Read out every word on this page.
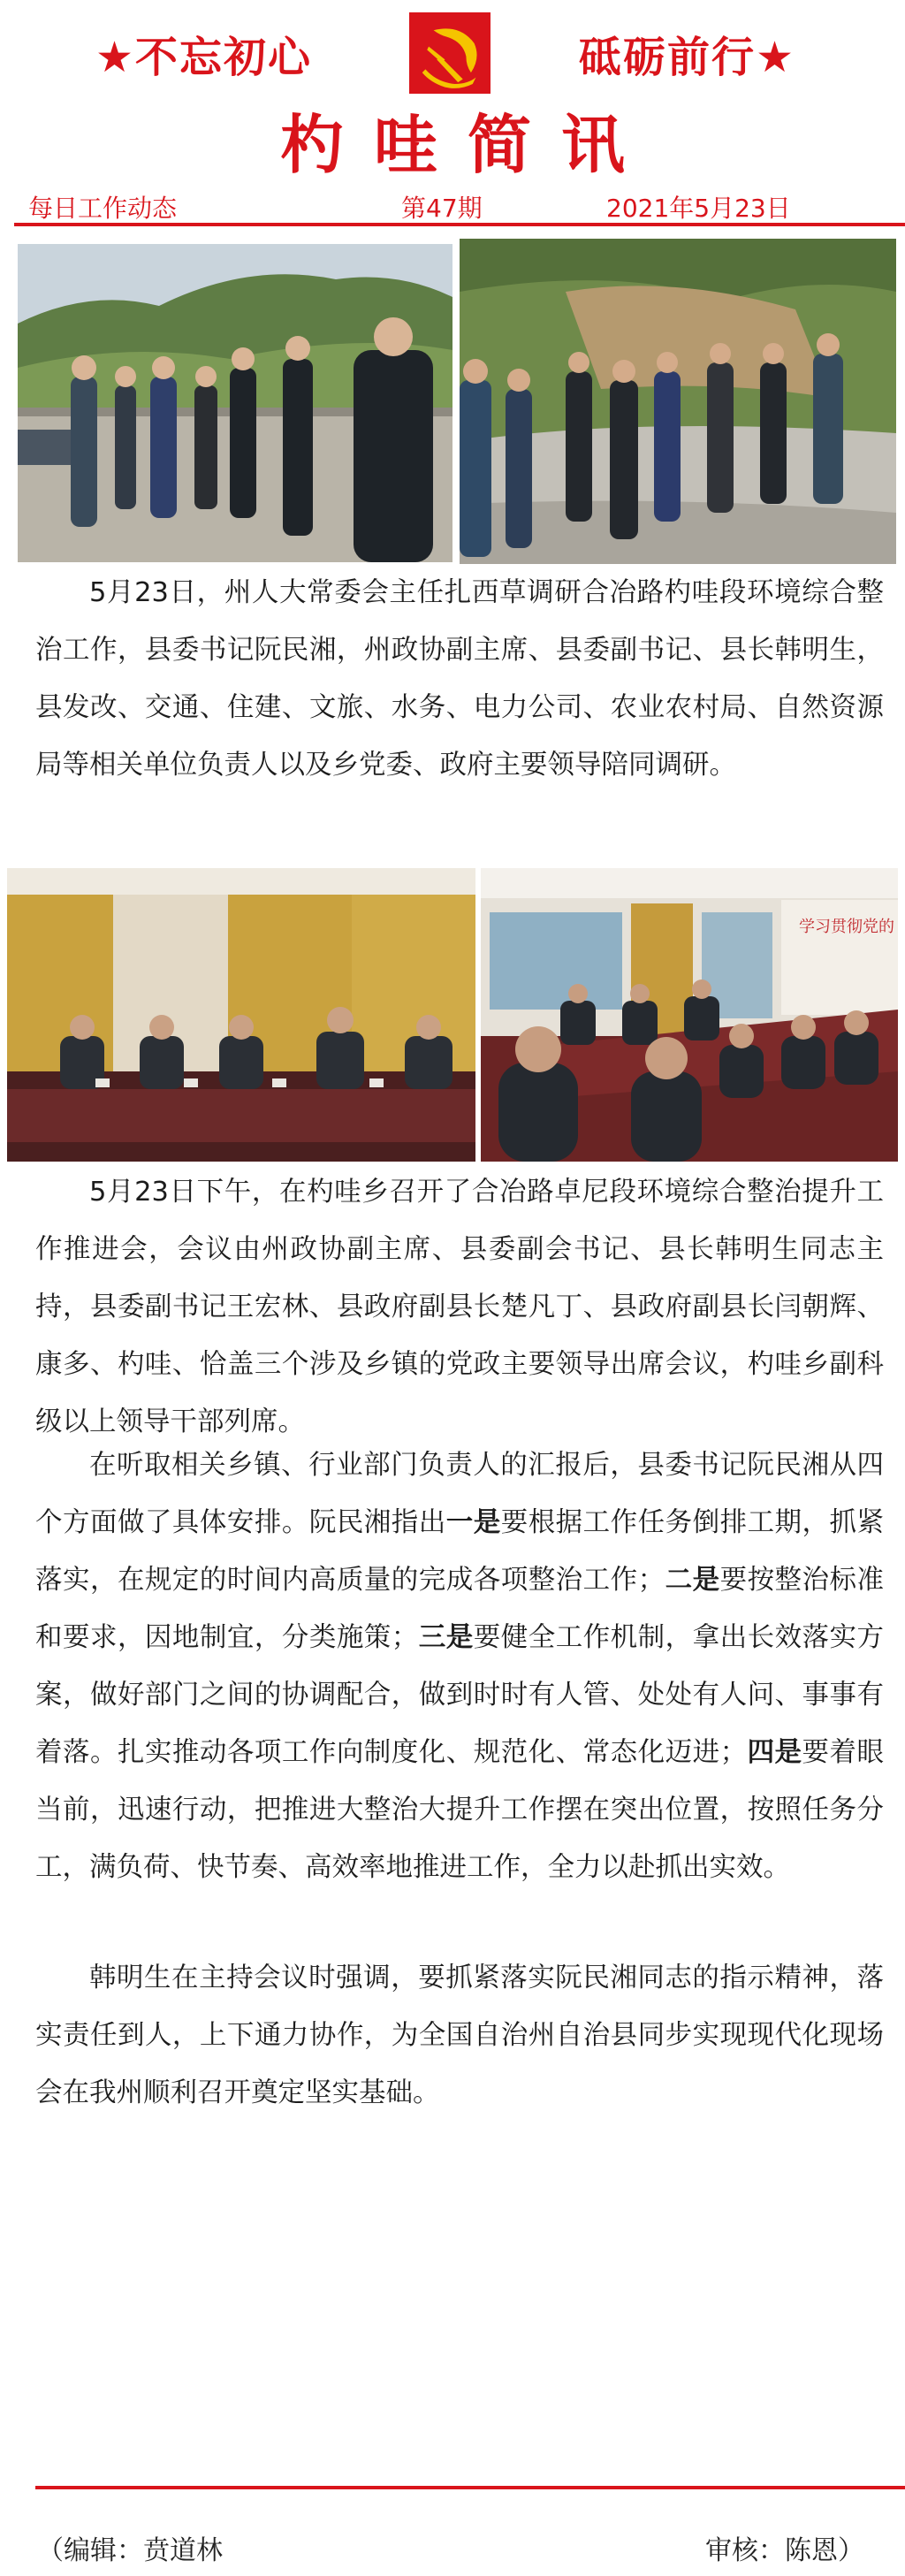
★不忘初心	砥砺前行★
杓哇简讯
每日工作动态	第47期	2021年5月23日

5月23日，州人大常委会主任扎西草调研合冶路杓哇段环境综合整治工作，县委书记阮民湘，州政协副主席、县委副书记、县长韩明生，县发改、交通、住建、文旅、水务、电力公司、农业农村局、自然资源局等相关单位负责人以及乡党委、政府主要领导陪同调研。

学习贯彻党的

5月23日下午，在杓哇乡召开了合冶路卓尼段环境综合整治提升工作推进会，会议由州政协副主席、县委副会书记、县长韩明生同志主持，县委副书记王宏林、县政府副县长楚凡丁、县政府副县长闫朝辉、康多、杓哇、恰盖三个涉及乡镇的党政主要领导出席会议，杓哇乡副科级以上领导干部列席。

在听取相关乡镇、行业部门负责人的汇报后，县委书记阮民湘从四个方面做了具体安排。阮民湘指出一是要根据工作任务倒排工期，抓紧落实，在规定的时间内高质量的完成各项整治工作；二是要按整治标准和要求，因地制宜，分类施策；三是要健全工作机制，拿出长效落实方案，做好部门之间的协调配合，做到时时有人管、处处有人问、事事有着落。扎实推动各项工作向制度化、规范化、常态化迈进；四是要着眼当前，迅速行动，把推进大整治大提升工作摆在突出位置，按照任务分工，满负荷、快节奏、高效率地推进工作，全力以赴抓出实效。

韩明生在主持会议时强调，要抓紧落实阮民湘同志的指示精神，落实责任到人，上下通力协作，为全国自治州自治县同步实现现代化现场会在我州顺利召开奠定坚实基础。

（编辑：贲道林	审核：陈恩）
